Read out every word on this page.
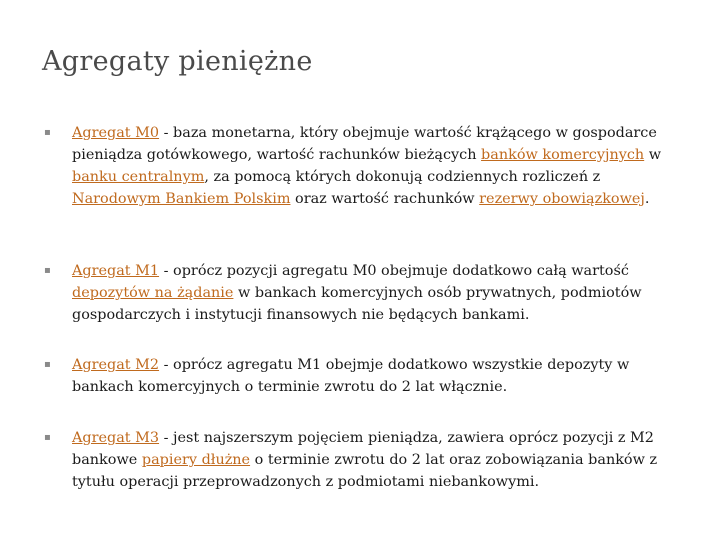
Agregaty pieniężne
▪ Agregat M0 - baza monetarna, który obejmuje wartość krążącego w gospodarce pieniądza gotówkowego, wartość rachunków bieżących banków komercyjnych w banku centralnym, za pomocą których dokonują codziennych rozliczeń z Narodowym Bankiem Polskim oraz wartość rachunków rezerwy obowiązkowej.
▪ Agregat M1 - oprócz pozycji agregatu M0 obejmuje dodatkowo całą wartość depozytów na żądanie w bankach komercyjnych osób prywatnych, podmiotów gospodarczych i instytucji finansowych nie będących bankami.
▪ Agregat M2 - oprócz agregatu M1 obejmje dodatkowo wszystkie depozyty w bankach komercyjnych o terminie zwrotu do 2 lat włącznie.
▪ Agregat M3 - jest najszerszym pojęciem pieniądza, zawiera oprócz pozycji z M2 bankowe papiery dłużne o terminie zwrotu do 2 lat oraz zobowiązania banków z tytułu operacji przeprowadzonych z podmiotami niebankowymi.
